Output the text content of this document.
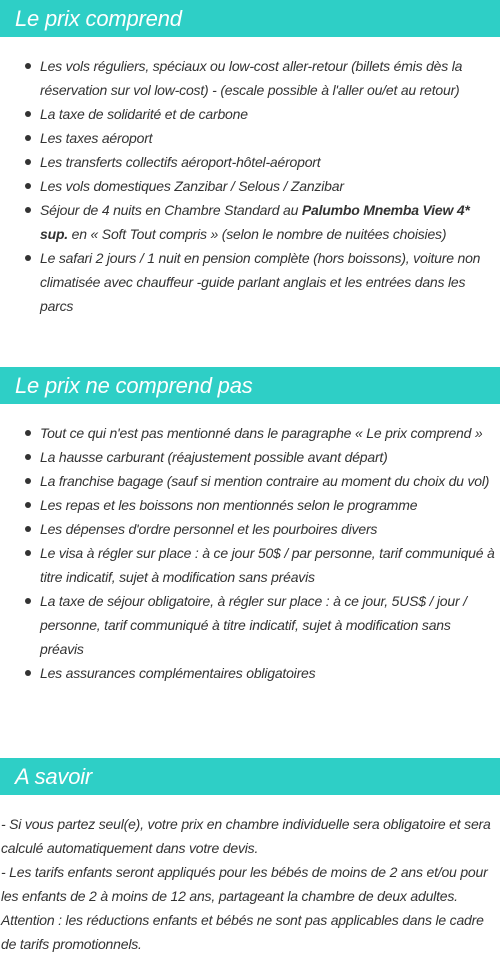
Le prix comprend
Les vols réguliers, spéciaux ou low-cost aller-retour (billets émis dès la réservation sur vol low-cost) - (escale possible à l'aller ou/et au retour)
La taxe de solidarité et de carbone
Les taxes aéroport
Les transferts collectifs aéroport-hôtel-aéroport
Les vols domestiques Zanzibar / Selous / Zanzibar
Séjour de 4 nuits en Chambre Standard au Palumbo Mnemba View 4* sup. en « Soft Tout compris » (selon le nombre de nuitées choisies)
Le safari 2 jours / 1 nuit en pension complète (hors boissons), voiture non climatisée avec chauffeur -guide parlant anglais et les entrées dans les parcs
Le prix ne comprend pas
Tout ce qui n'est pas mentionné dans le paragraphe « Le prix comprend »
La hausse carburant (réajustement possible avant départ)
La franchise bagage (sauf si mention contraire au moment du choix du vol)
Les repas et les boissons non mentionnés selon le programme
Les dépenses d'ordre personnel et les pourboires divers
Le visa à régler sur place : à ce jour 50$ / par personne, tarif communiqué à titre indicatif, sujet à modification sans préavis
La taxe de séjour obligatoire, à régler sur place : à ce jour, 5US$ / jour / personne, tarif communiqué à titre indicatif, sujet à modification sans préavis
Les assurances complémentaires obligatoires
A savoir

- Si vous partez seul(e), votre prix en chambre individuelle sera obligatoire et sera calculé automatiquement dans votre devis.

- Les tarifs enfants seront appliqués pour les bébés de moins de 2 ans et/ou pour les enfants de 2 à moins de 12 ans, partageant la chambre de deux adultes.

Attention : les réductions enfants et bébés ne sont pas applicables dans le cadre de tarifs promotionnels.
